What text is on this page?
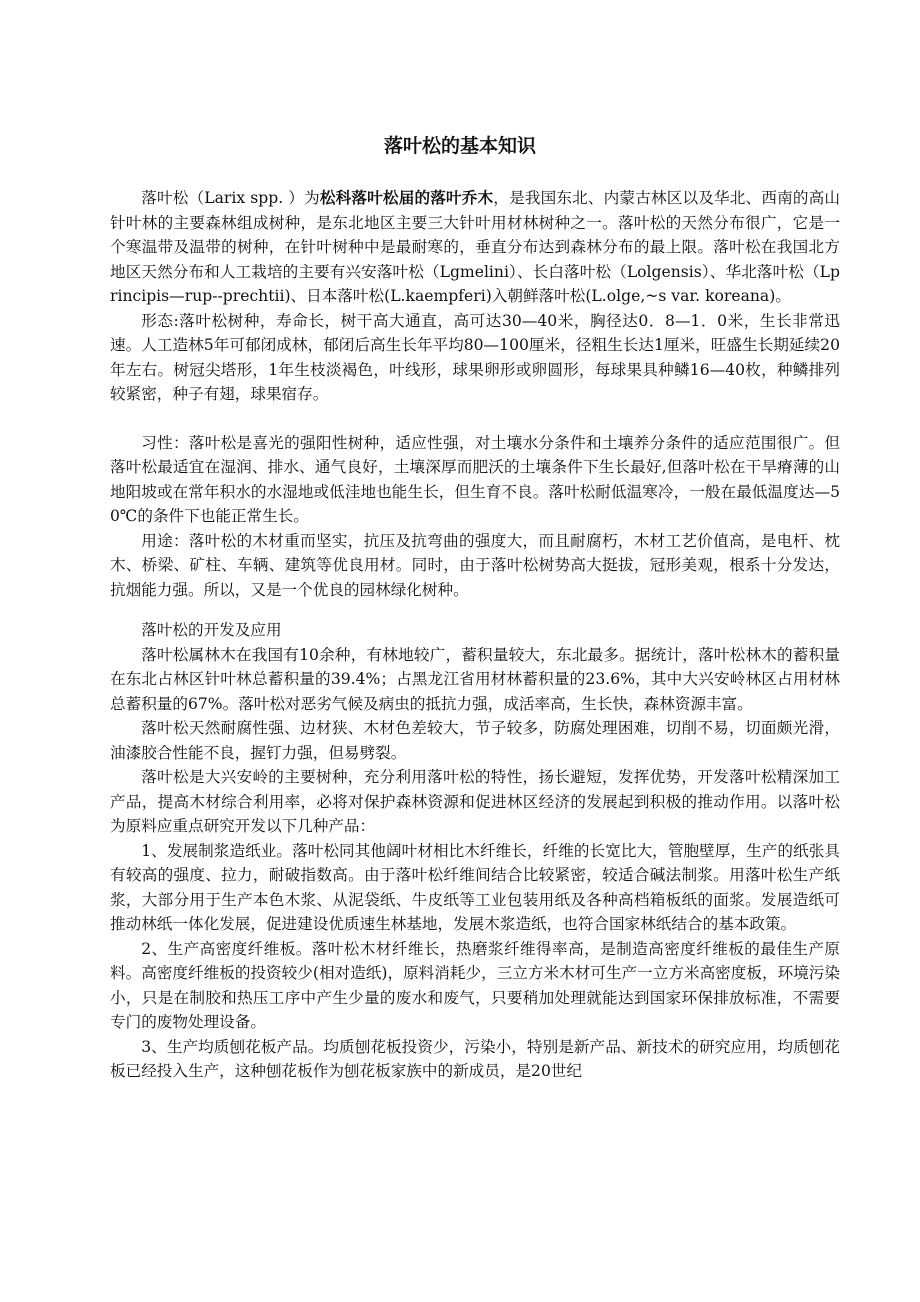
落叶松的基本知识

落叶松（Larix spp. ）为松科落叶松届的落叶乔木，是我国东北、内蒙古林区以及华北、西南的高山针叶林的主要森林组成树种，是东北地区主要三大针叶用材林树种之一。落叶松的天然分布很广，它是一个寒温带及温带的树种，在针叶树种中是最耐寒的，垂直分布达到森林分布的最上限。落叶松在我国北方地区天然分布和人工栽培的主要有兴安落叶松（Lgmelini）、长白落叶松（Lolgensis）、华北落叶松（Lprincipis—rup--prechtii)、日本落叶松(L.kaempferi)入朝鲜落叶松(L.olge,~s var. koreana)。

形态:落叶松树种，寿命长，树干高大通直，高可达30—40米，胸径达0．8—1．0米，生长非常迅速。人工造林5年可郁闭成林，郁闭后高生长年平均80—100厘米，径粗生长达1厘米，旺盛生长期延续20年左右。树冠尖塔形，1年生枝淡褐色，叶线形，球果卵形或卵圆形，每球果具种鳞16—40枚，种鳞排列较紧密，种子有翅，球果宿存。

习性：落叶松是喜光的强阳性树种，适应性强，对土壤水分条件和土壤养分条件的适应范围很广。但落叶松最适宜在湿润、排水、通气良好，土壤深厚而肥沃的土壤条件下生长最好,但落叶松在干旱瘠薄的山地阳坡或在常年积水的水湿地或低洼地也能生长，但生育不良。落叶松耐低温寒冷，一般在最低温度达—50℃的条件下也能正常生长。

用途：落叶松的木材重而坚实，抗压及抗弯曲的强度大，而且耐腐朽，木材工艺价值高，是电杆、枕木、桥梁、矿柱、车辆、建筑等优良用材。同时，由于落叶松树势高大挺拔，冠形美观，根系十分发达，抗烟能力强。所以，又是一个优良的园林绿化树种。

落叶松的开发及应用

落叶松属林木在我国有10余种，有林地较广，蓄积量较大，东北最多。据统计，落叶松林木的蓄积量在东北占林区针叶林总蓄积量的39.4%；占黑龙江省用材林蓄积量的23.6%，其中大兴安岭林区占用材林总蓄积量的67%。落叶松对恶劣气候及病虫的抵抗力强，成活率高，生长快，森林资源丰富。

落叶松天然耐腐性强、边材狭、木材色差较大，节子较多，防腐处理困难，切削不易，切面颇光滑，油漆胶合性能不良，握钉力强，但易劈裂。

落叶松是大兴安岭的主要树种，充分利用落叶松的特性，扬长避短，发挥优势，开发落叶松精深加工产品，提高木材综合利用率，必将对保护森林资源和促进林区经济的发展起到积极的推动作用。以落叶松为原料应重点研究开发以下几种产品：

1、发展制浆造纸业。落叶松同其他阔叶材相比木纤维长，纤维的长宽比大，管胞壁厚，生产的纸张具有较高的强度、拉力，耐破指数高。由于落叶松纤维间结合比较紧密，较适合碱法制浆。用落叶松生产纸浆，大部分用于生产本色木浆、从泥袋纸、牛皮纸等工业包装用纸及各种高档箱板纸的面浆。发展造纸可推动林纸一体化发展，促进建设优质速生林基地，发展木浆造纸，也符合国家林纸结合的基本政策。

2、生产高密度纤维板。落叶松木材纤维长，热磨浆纤维得率高，是制造高密度纤维板的最佳生产原料。高密度纤维板的投资较少(相对造纸)，原料消耗少，三立方米木材可生产一立方米高密度板，环境污染小，只是在制胶和热压工序中产生少量的废水和废气，只要稍加处理就能达到国家环保排放标准，不需要专门的废物处理设备。

3、生产均质刨花板产品。均质刨花板投资少，污染小，特别是新产品、新技术的研究应用，均质刨花板已经投入生产，这种刨花板作为刨花板家族中的新成员，是20世纪
